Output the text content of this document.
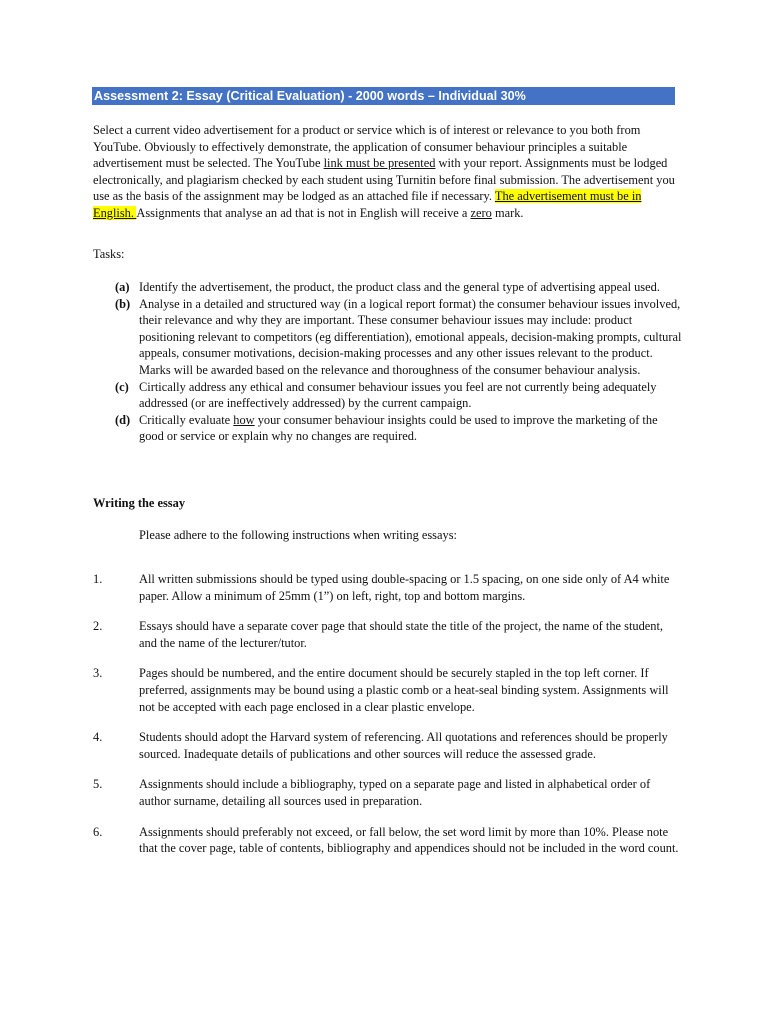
Assessment 2: Essay (Critical Evaluation) - 2000 words – Individual 30%

Select a current video advertisement for a product or service which is of interest or relevance to you both from YouTube. Obviously to effectively demonstrate, the application of consumer behaviour principles a suitable advertisement must be selected. The YouTube link must be presented with your report. Assignments must be lodged electronically, and plagiarism checked by each student using Turnitin before final submission. The advertisement you use as the basis of the assignment may be lodged as an attached file if necessary. The advertisement must be in English. Assignments that analyse an ad that is not in English will receive a zero mark.

Tasks:

(a) Identify the advertisement, the product, the product class and the general type of advertising appeal used.
(b) Analyse in a detailed and structured way (in a logical report format) the consumer behaviour issues involved, their relevance and why they are important. These consumer behaviour issues may include: product positioning relevant to competitors (eg differentiation), emotional appeals, decision-making prompts, cultural appeals, consumer motivations, decision-making processes and any other issues relevant to the product. Marks will be awarded based on the relevance and thoroughness of the consumer behaviour analysis.
(c) Cirtically address any ethical and consumer behaviour issues you feel are not currently being adequately addressed (or are ineffectively addressed) by the current campaign.
(d) Critically evaluate how your consumer behaviour insights could be used to improve the marketing of the good or service or explain why no changes are required.

Writing the essay

Please adhere to the following instructions when writing essays:

1.	All written submissions should be typed using double-spacing or 1.5 spacing, on one side only of A4 white paper. Allow a minimum of 25mm (1”) on left, right, top and bottom margins.
2.	Essays should have a separate cover page that should state the title of the project, the name of the student, and the name of the lecturer/tutor.
3.	Pages should be numbered, and the entire document should be securely stapled in the top left corner. If preferred, assignments may be bound using a plastic comb or a heat-seal binding system. Assignments will not be accepted with each page enclosed in a clear plastic envelope.
4.	Students should adopt the Harvard system of referencing. All quotations and references should be properly sourced. Inadequate details of publications and other sources will reduce the assessed grade.
5.	Assignments should include a bibliography, typed on a separate page and listed in alphabetical order of author surname, detailing all sources used in preparation.
6.	Assignments should preferably not exceed, or fall below, the set word limit by more than 10%. Please note that the cover page, table of contents, bibliography and appendices should not be included in the word count.
